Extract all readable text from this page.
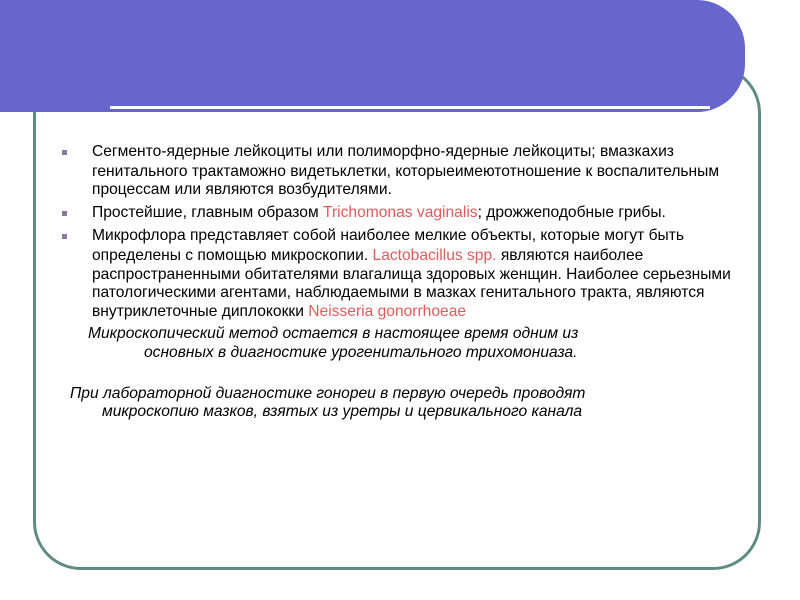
Сегменто-ядерные лейкоциты или полиморфно-ядерные лейкоциты; вмазкахиз генитального трактаможно видетьклетки, которыеимеютотношение к воспалительным процессам или являются возбудителями.
Простейшие, главным образом Trichomonas vaginalis; дрожжеподобные грибы.
Микрофлора представляет собой наиболее мелкие объекты, которые могут быть определены с помощью микроскопии. Lactobacillus spp. являются наиболее распространенными обитателями влагалища здоровых женщин. Наиболее серьезными патологическими агентами, наблюдаемыми в мазках генитального тракта, являются внутриклеточные диплококки Neisseria gonorrhoeae
Микроскопический метод остается в настоящее время одним из
основных в диагностике урогенитального трихомониаза.
При лабораторной диагностике гонореи в первую очередь проводят
микроскопию мазков, взятых из уретры и цервикального канала
